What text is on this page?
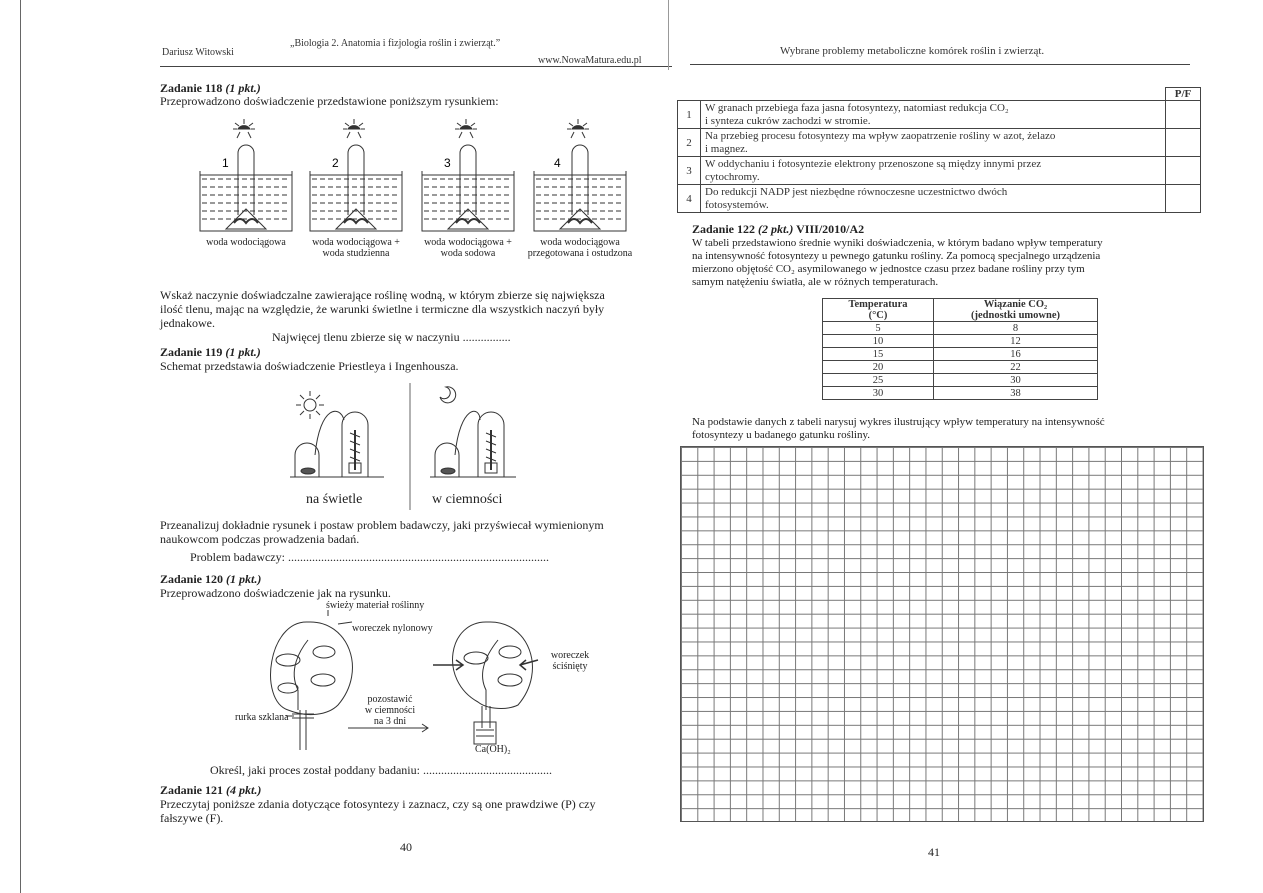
Dariusz Witowski
„Biologia 2. Anatomia i fizjologia roślin i zwierząt.”
www.NowaMatura.edu.pl
Zadanie 118 (1 pkt.)
Przeprowadzono doświadczenie przedstawione poniższym rysunkiem:
1	2	3	4
woda wodociągowa	woda wodociągowa + woda studzienna
woda wodociągowa + woda sodowa
woda wodociągowa przegotowana i ostudzona
Wskaż naczynie doświadczalne zawierające roślinę wodną, w którym zbierze się największa
ilość tlenu, mając na względzie, że warunki świetlne i termiczne dla wszystkich naczyń były
jednakowe.
Najwięcej tlenu zbierze się w naczyniu ................
Zadanie 119 (1 pkt.)
Schemat przedstawia doświadczenie Priestleya i Ingenhousza.
na świetle	w ciemności
Przeanalizuj dokładnie rysunek i postaw problem badawczy, jaki przyświecał wymienionym
naukowcom podczas prowadzenia badań.
Problem badawczy: .......................................................................................
Zadanie 120 (1 pkt.)
Przeprowadzono doświadczenie jak na rysunku.
świeży materiał roślinny
woreczek nylonowy
woreczek ściśnięty
rurka szklana
pozostawić
w ciemności
na 3 dni
Ca(OH)₂
Określ, jaki proces został poddany badaniu: ...........................................
Zadanie 121 (4 pkt.)
Przeczytaj poniższe zdania dotyczące fotosyntezy i zaznacz, czy są one prawdziwe (P) czy
fałszywe (F).
40
Wybrane problemy metaboliczne komórek roślin i zwierząt.
		P/F
1	W granach przebiega faza jasna fotosyntezy, natomiast redukcja CO₂
i synteza cukrów zachodzi w stromie.	
2	Na przebieg procesu fotosyntezy ma wpływ zaopatrzenie rośliny w azot, żelazo
i magnez.	
3	W oddychaniu i fotosyntezie elektrony przenoszone są między innymi przez
cytochromy.	
4	Do redukcji NADP jest niezbędne równoczesne uczestnictwo dwóch
fotosystemów.	
Zadanie 122 (2 pkt.) VIII/2010/A2
W tabeli przedstawiono średnie wyniki doświadczenia, w którym badano wpływ temperatury
na intensywność fotosyntezy u pewnego gatunku rośliny. Za pomocą specjalnego urządzenia
mierzono objętość CO₂ asymilowanego w jednostce czasu przez badane rośliny przy tym
samym natężeniu światła, ale w różnych temperaturach.
Temperatura
(°C)	Wiązanie CO₂
(jednostki umowne)
5	8
10	12
15	16
20	22
25	30
30	38
Na podstawie danych z tabeli narysuj wykres ilustrujący wpływ temperatury na intensywność
fotosyntezy u badanego gatunku rośliny.
41
